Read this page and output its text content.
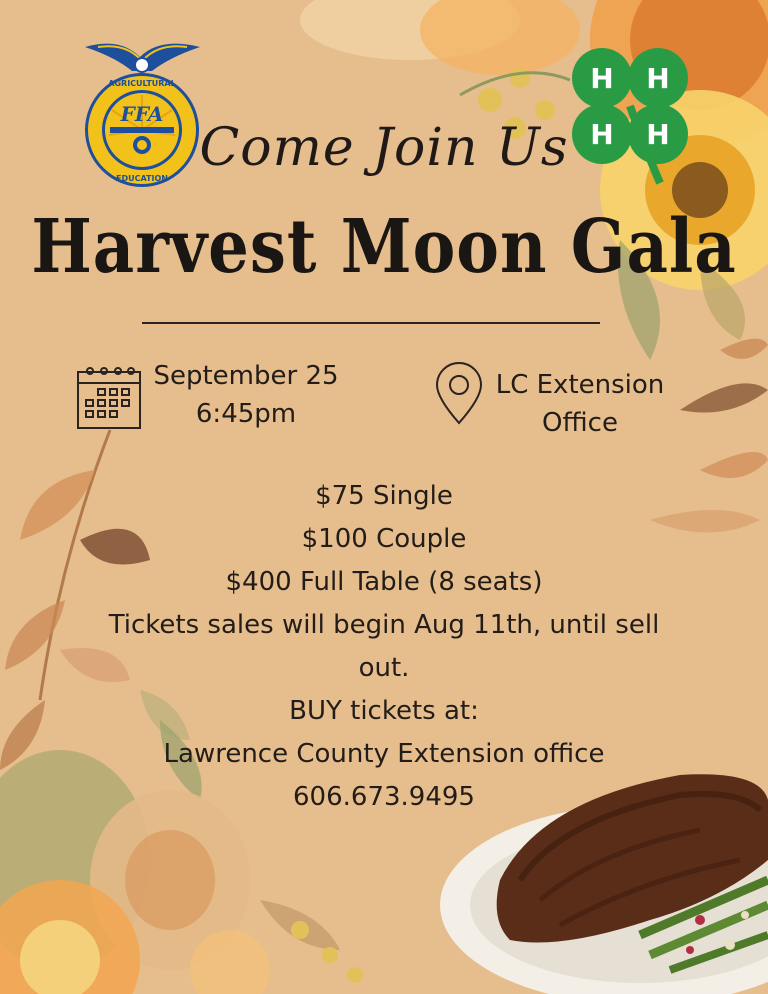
FFA
AGRICULTURAL
EDUCATION
H H
H H
Come Join Us
Harvest Moon Gala
September 25
6:45pm
LC Extension
Office
$75 Single
$100 Couple
$400 Full Table (8 seats)
Tickets sales will begin Aug 11th, until sell
out.
BUY tickets at:
Lawrence County Extension office
606.673.9495
